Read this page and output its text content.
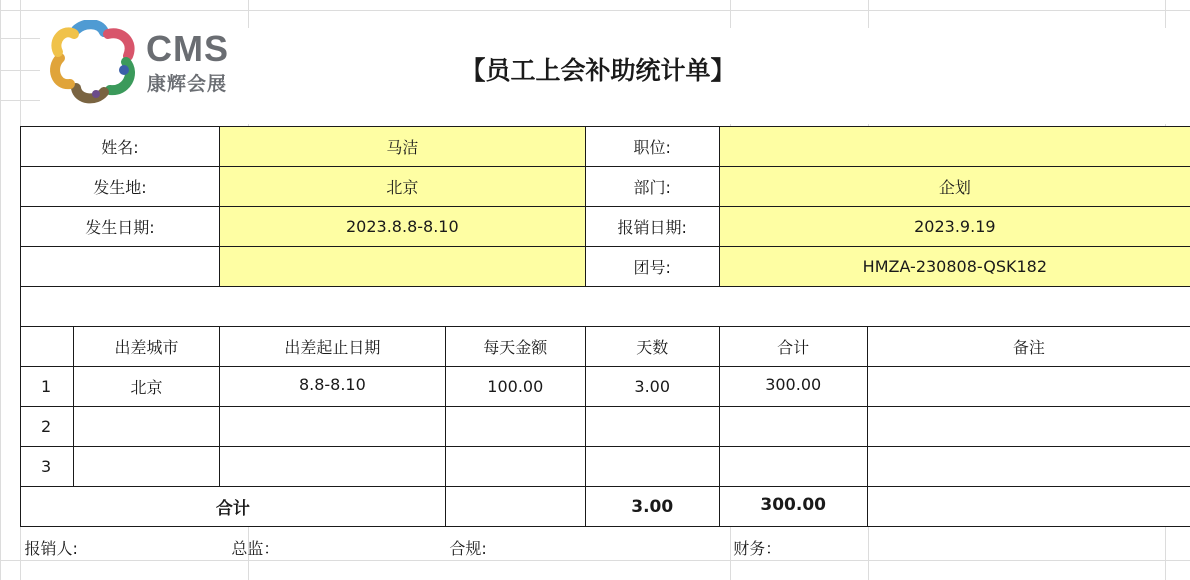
CMS
康辉会展	【员工上会补助统计单】
姓名:		马洁		职位:		
发生地:		北京		部门:	企划	
发生日期:		2023.8.8-8.10		报销日期:	2023.9.19	
				团号:	HMZA-230808-QSK182	

	出差城市	出差起止日期	每天金额	天数	合计	备注
1	北京	8.8-8.10	100.00	3.00	300.00	
2						
3						
合计				3.00	300.00	
报销人:		总监：	合规:		财务：	
